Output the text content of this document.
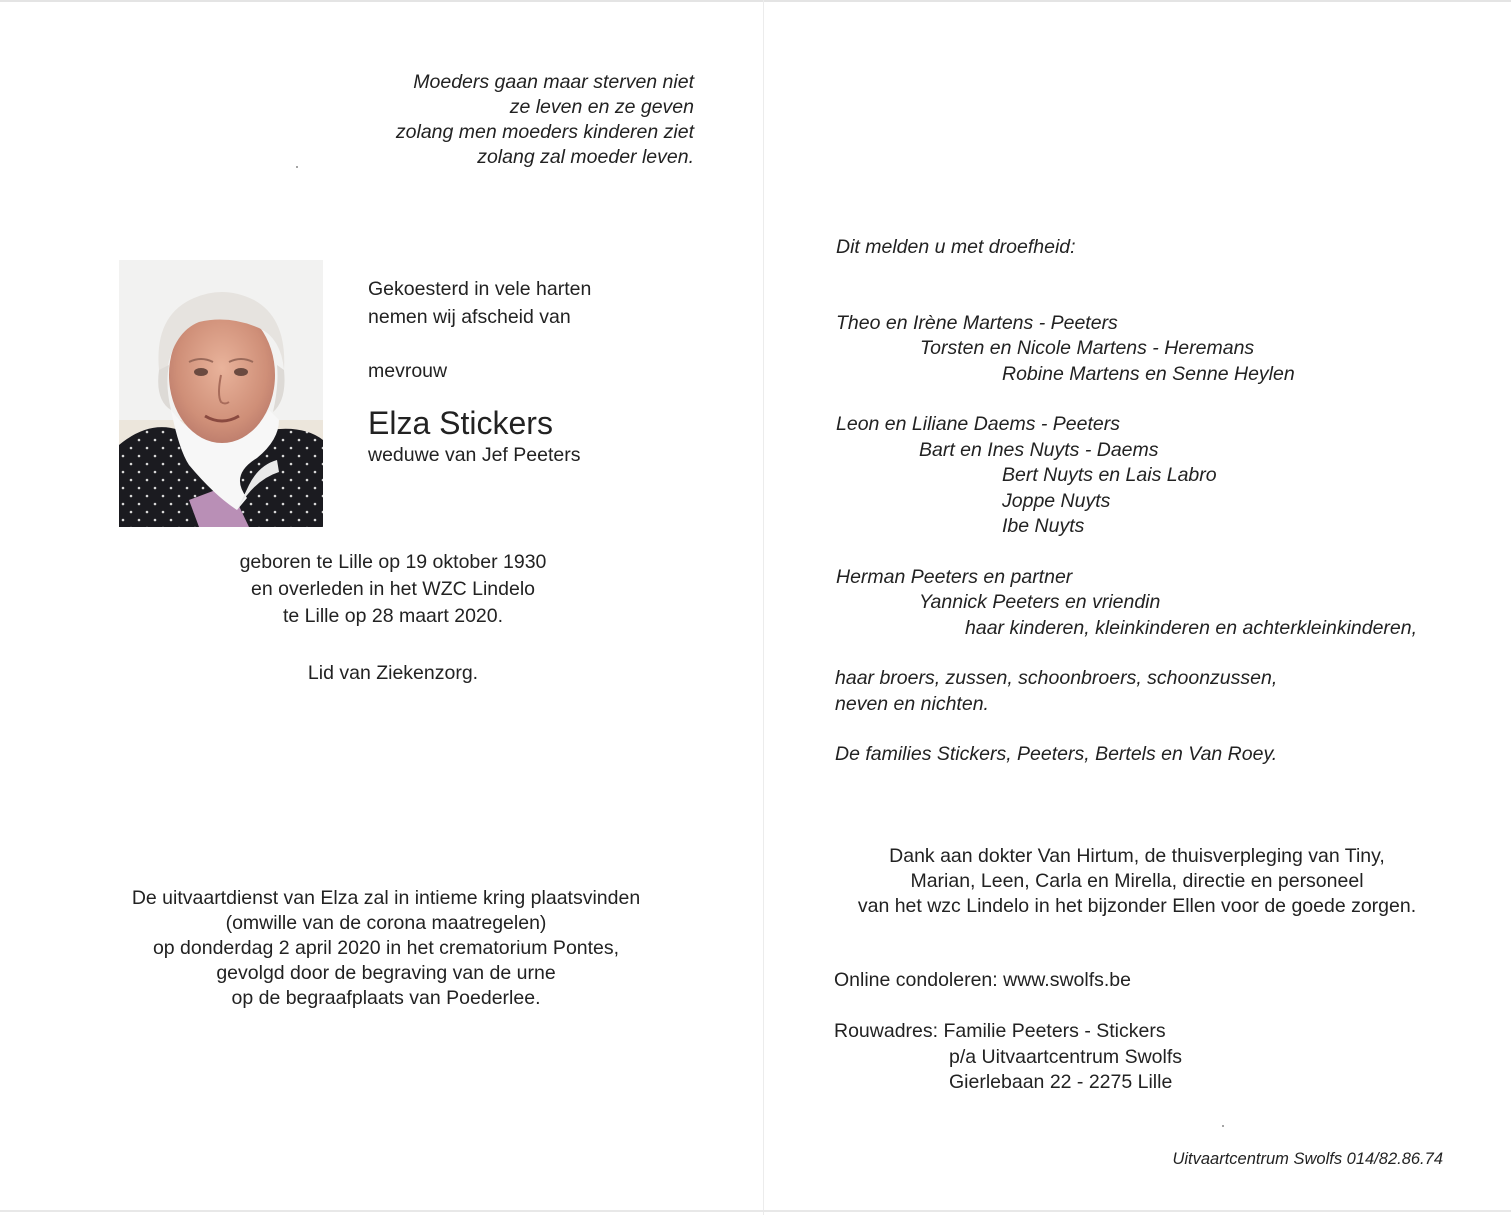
Moeders gaan maar sterven niet
ze leven en ze geven
zolang men moeders kinderen ziet
zolang zal moeder leven.
Gekoesterd in vele harten
nemen wij afscheid van
mevrouw
Elza Stickers
weduwe van Jef Peeters
geboren te Lille op 19 oktober 1930
en overleden in het WZC Lindelo
te Lille op 28 maart 2020.
Lid van Ziekenzorg.
De uitvaartdienst van Elza zal in intieme kring plaatsvinden
(omwille van de corona maatregelen)
op donderdag 2 april 2020 in het crematorium Pontes,
gevolgd door de begraving van de urne
op de begraafplaats van Poederlee.
Dit melden u met droefheid:
Theo en Irène Martens - Peeters
Torsten en Nicole Martens - Heremans
Robine Martens en Senne Heylen
Leon en Liliane Daems - Peeters
Bart en Ines Nuyts - Daems
Bert Nuyts en Lais Labro
Joppe Nuyts
Ibe Nuyts
Herman Peeters en partner
Yannick Peeters en vriendin
haar kinderen, kleinkinderen en achterkleinkinderen,
haar broers, zussen, schoonbroers, schoonzussen,
neven en nichten.
De families Stickers, Peeters, Bertels en Van Roey.
Dank aan dokter Van Hirtum, de thuisverpleging van Tiny,
Marian, Leen, Carla en Mirella, directie en personeel
van het wzc Lindelo in het bijzonder Ellen voor de goede zorgen.
Online condoleren: www.swolfs.be
Rouwadres: Familie Peeters - Stickers
p/a Uitvaartcentrum Swolfs
Gierlebaan 22 - 2275 Lille
Uitvaartcentrum Swolfs 014/82.86.74
